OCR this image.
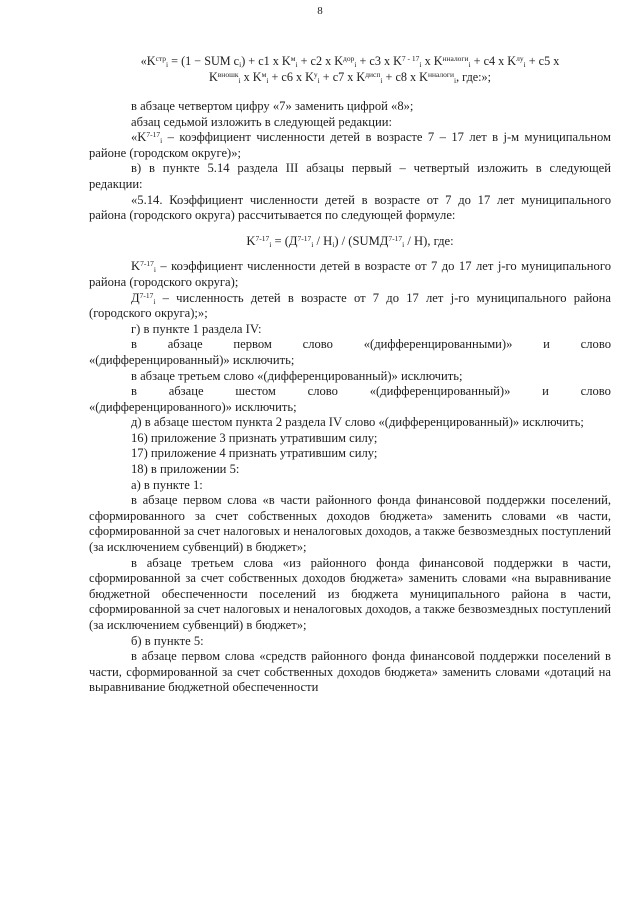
8

«$K^{стр}_i = (1$ − SUM $c_i) + c1$ x $K^м_i + c2$ x $K^{дор}_i + c3$ x $K^{7 - 17}_i$ x $K^{нналоги}_i + c4$ x $K^{лу}_i + c5$ x

$K^{вношк}_i$ x $K^м_i + c6$ x $K^у_i + c7$ x $K^{дисп}_i + c8$ x $K^{нналоги}_i$, где:»;

в абзаце четвертом цифру «7» заменить цифрой «8»;

абзац седьмой изложить в следующей редакции:

«$K^{7-17}_i$ – коэффициент численности детей в возрасте 7 – 17 лет в j-м муниципальном районе (городском округе)»;

в) в пункте 5.14 раздела III абзацы первый – четвертый изложить в следующей редакции:

«5.14. Коэффициент численности детей в возрасте от 7 до 17 лет муниципального района (городского округа) рассчитывается по следующей формуле:

$K^{7-17}_i = (Д^{7-17}_i / H_i)$ / $(SUMД^{7-17}_i / H)$, где:

$K^{7-17}_i$ – коэффициент численности детей в возрасте от 7 до 17 лет j-го муниципального района (городского округа);

$Д^{7-17}_i$ – численность детей в возрасте от 7 до 17 лет j-го муниципального района (городского округа);»;

г) в пункте 1 раздела IV:

в абзаце первом слово «(дифференцированными)» и слово

«(дифференцированный)» исключить;

в абзаце третьем слово «(дифференцированный)» исключить;

в	абзаце	шестом	слово	«(дифференцированный)»	и	слово

«(дифференцированного)» исключить;

д) в абзаце шестом пункта 2 раздела IV слово «(дифференцированный)» исключить;

16) приложение 3 признать утратившим силу;

17) приложение 4 признать утратившим силу;

18) в приложении 5:

а) в пункте 1:

в абзаце первом слова «в части районного фонда финансовой поддержки поселений, сформированного за счет собственных доходов бюджета» заменить словами «в части, сформированной за счет налоговых и неналоговых доходов, а также безвозмездных поступлений (за исключением субвенций) в бюджет»;

в абзаце третьем слова «из районного фонда финансовой поддержки в части, сформированной за счет собственных доходов бюджета» заменить словами «на выравнивание бюджетной обеспеченности поселений из бюджета муниципального района в части, сформированной за счет налоговых и неналоговых доходов, а также безвозмездных поступлений (за исключением субвенций) в бюджет»;

б) в пункте 5:

в абзаце первом слова «средств районного фонда финансовой поддержки поселений в части, сформированной за счет собственных доходов бюджета» заменить словами «дотаций на выравнивание бюджетной обеспеченности
